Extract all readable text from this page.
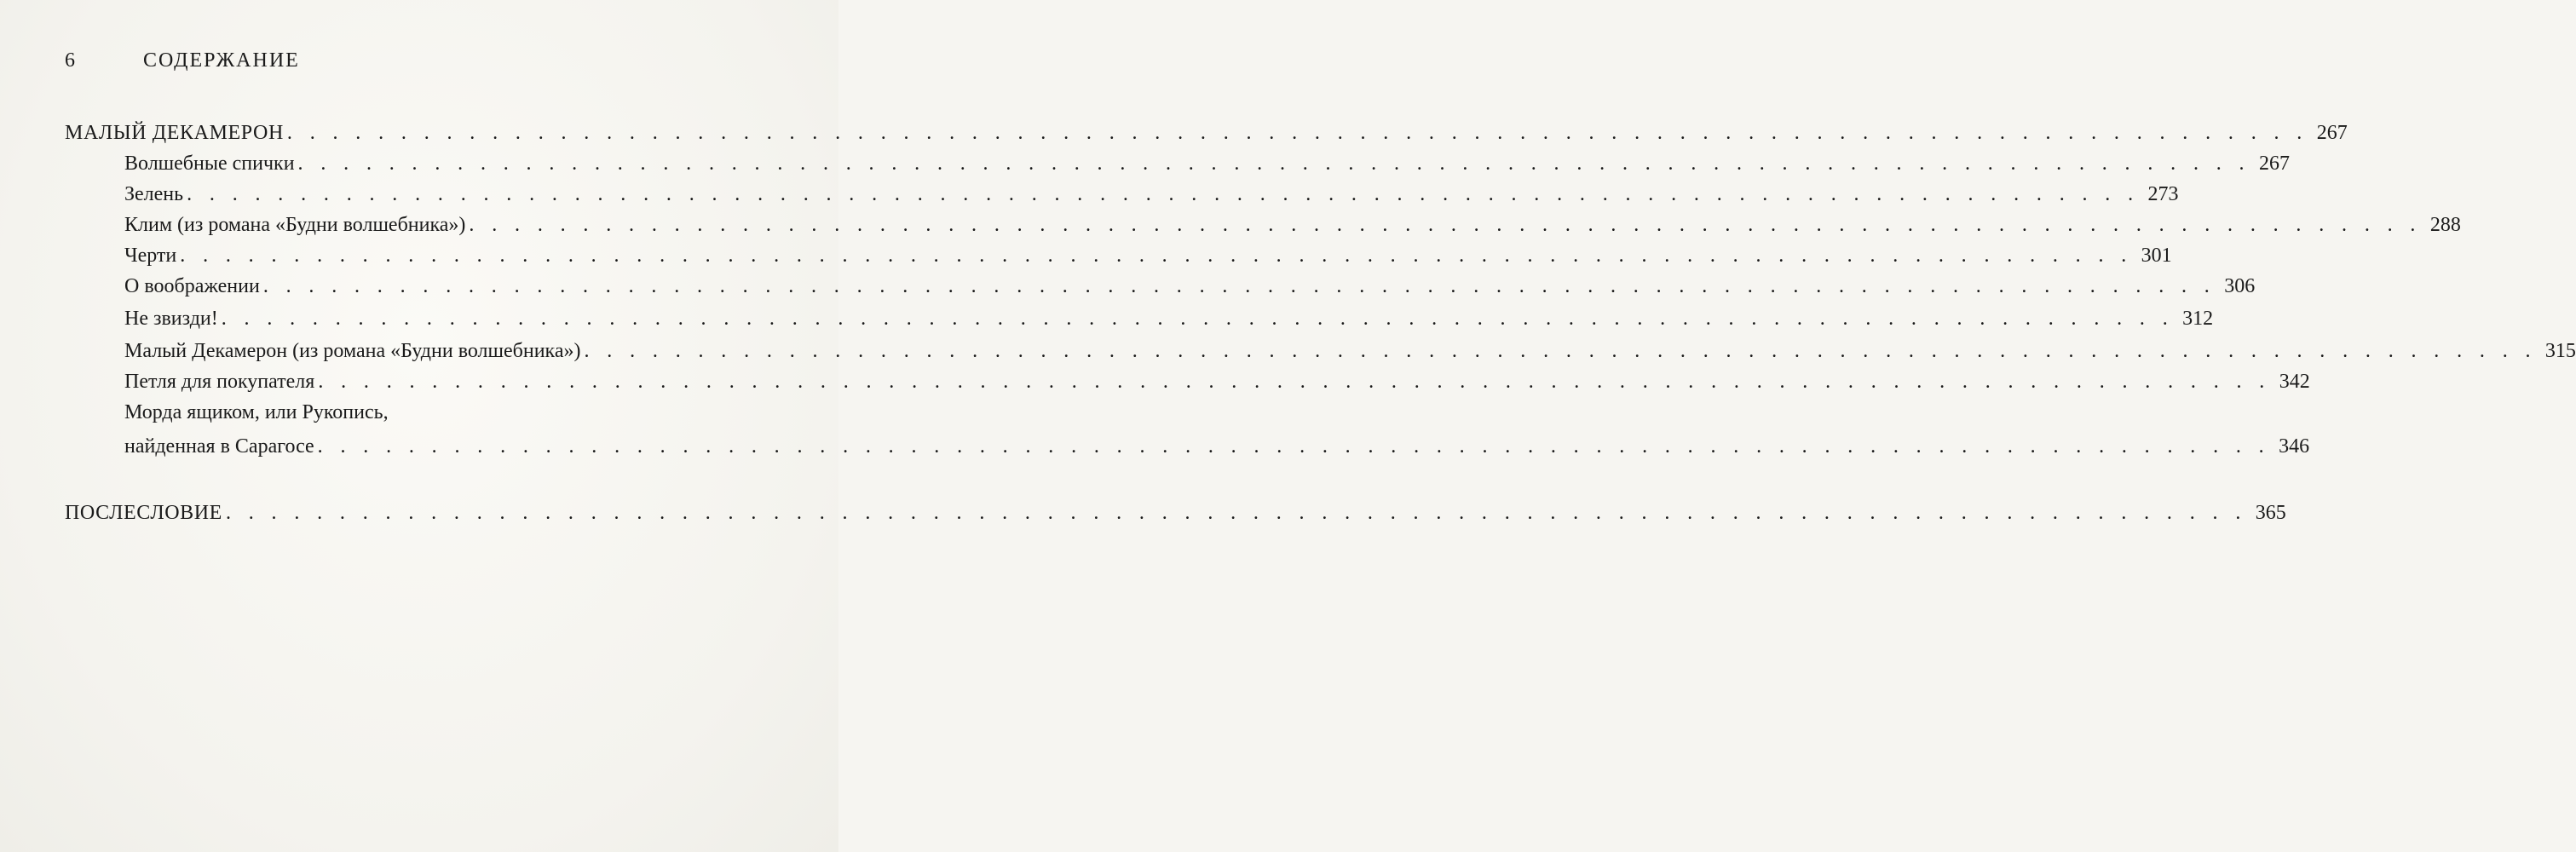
6	СОДЕРЖАНИЕ
МАЛЫЙ ДЕКАМЕРОН . . . . . . . . . . . . . . . . . . . . . . . . . . . . . . . . . . . . . . . . . . . . . . . . . . . . . . . . . . . . . . . . . . . . . . . . . . . . . . . . . . . . . . . . . 267
Волшебные спички . . . . . . . . . . . . . . . . . . . . . . . . . . . . . . . . . . . . . . . . . . . . . . . . . . . . . . . . . . . . . . . . . . . . . . . . . . . . . . . . . . . . . . 267
Зелень . . . . . . . . . . . . . . . . . . . . . . . . . . . . . . . . . . . . . . . . . . . . . . . . . . . . . . . . . . . . . . . . . . . . . . . . . . . . . . . . . . . . . . 273
Клим (из романа «Будни волшебника») . . . . . . . . . . . . . . . . . . . . . . . . . . . . . . . . . . . . . . . . . . . . . . . . . . . . . . . . . . . . . . . . . . . . . . . . . . . . . . . . . . . . . . 288
Черти . . . . . . . . . . . . . . . . . . . . . . . . . . . . . . . . . . . . . . . . . . . . . . . . . . . . . . . . . . . . . . . . . . . . . . . . . . . . . . . . . . . . . . 301
О воображении . . . . . . . . . . . . . . . . . . . . . . . . . . . . . . . . . . . . . . . . . . . . . . . . . . . . . . . . . . . . . . . . . . . . . . . . . . . . . . . . . . . . . . 306
Не звизди! . . . . . . . . . . . . . . . . . . . . . . . . . . . . . . . . . . . . . . . . . . . . . . . . . . . . . . . . . . . . . . . . . . . . . . . . . . . . . . . . . . . . . . 312
Малый Декамерон (из романа «Будни волшебника») . . . . . . . . . . . . . . . . . . . . . . . . . . . . . . . . . . . . . . . . . . . . . . . . . . . . . . . . . . . . . . . . . . . . . . . . . . . . . . . . . . . . . . 315
Петля для покупателя . . . . . . . . . . . . . . . . . . . . . . . . . . . . . . . . . . . . . . . . . . . . . . . . . . . . . . . . . . . . . . . . . . . . . . . . . . . . . . . . . . . . . . 342
Морда ящиком, или Рукопись,
найденная в Сарагосе . . . . . . . . . . . . . . . . . . . . . . . . . . . . . . . . . . . . . . . . . . . . . . . . . . . . . . . . . . . . . . . . . . . . . . . . . . . . . . . . . . . . . . 346
ПОСЛЕСЛОВИЕ . . . . . . . . . . . . . . . . . . . . . . . . . . . . . . . . . . . . . . . . . . . . . . . . . . . . . . . . . . . . . . . . . . . . . . . . . . . . . . . . . . . . . . . . . 365
